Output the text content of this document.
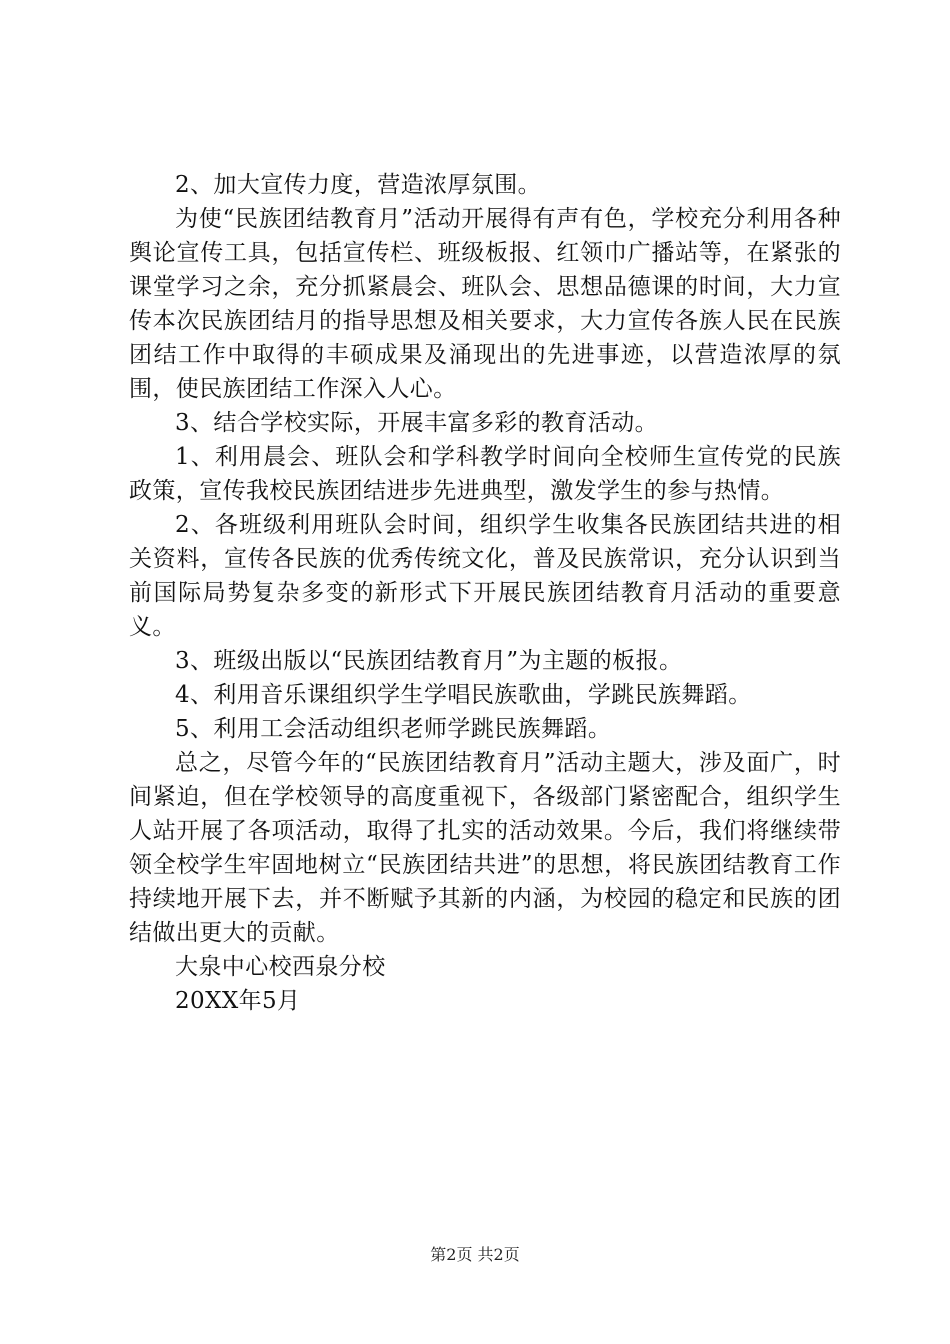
2、加大宣传力度，营造浓厚氛围。

为使“民族团结教育月”活动开展得有声有色，学校充分利用各种舆论宣传工具，包括宣传栏、班级板报、红领巾广播站等，在紧张的课堂学习之余，充分抓紧晨会、班队会、思想品德课的时间，大力宣传本次民族团结月的指导思想及相关要求，大力宣传各族人民在民族团结工作中取得的丰硕成果及涌现出的先进事迹，以营造浓厚的氛围，使民族团结工作深入人心。

3、结合学校实际，开展丰富多彩的教育活动。

1、利用晨会、班队会和学科教学时间向全校师生宣传党的民族政策，宣传我校民族团结进步先进典型，激发学生的参与热情。

2、各班级利用班队会时间，组织学生收集各民族团结共进的相关资料，宣传各民族的优秀传统文化，普及民族常识，充分认识到当前国际局势复杂多变的新形式下开展民族团结教育月活动的重要意义。

3、班级出版以“民族团结教育月”为主题的板报。

4、利用音乐课组织学生学唱民族歌曲，学跳民族舞蹈。

5、利用工会活动组织老师学跳民族舞蹈。

总之，尽管今年的“民族团结教育月”活动主题大，涉及面广，时间紧迫，但在学校领导的高度重视下，各级部门紧密配合，组织学生人站开展了各项活动，取得了扎实的活动效果。今后，我们将继续带领全校学生牢固地树立“民族团结共进”的思想，将民族团结教育工作持续地开展下去，并不断赋予其新的内涵，为校园的稳定和民族的团结做出更大的贡献。

大泉中心校西泉分校

20XX年5月

第2页 共2页
